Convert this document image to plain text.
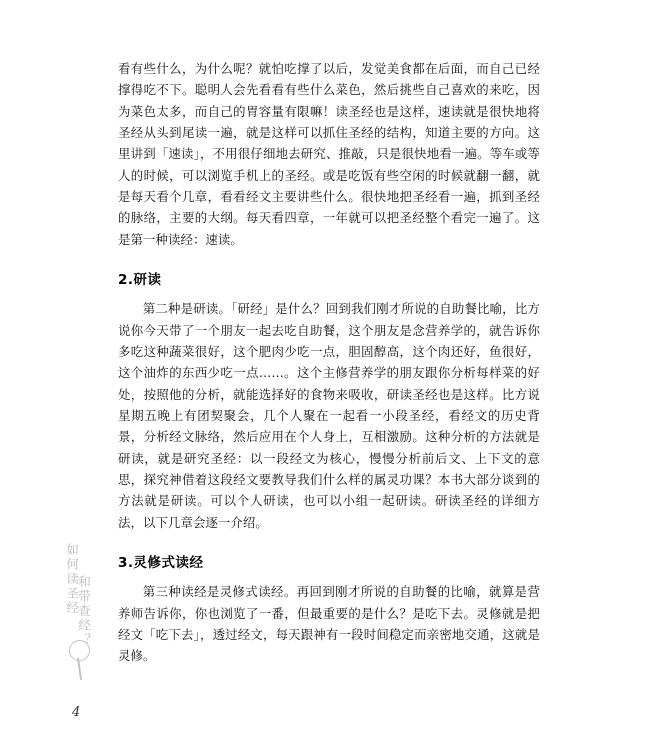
看有些什么，为什么呢？就怕吃撑了以后，发觉美食都在后面，而自己已经撑得吃不下。聪明人会先看看有些什么菜色，然后挑些自己喜欢的来吃，因为菜色太多，而自己的胃容量有限嘛！读圣经也是这样，速读就是很快地将圣经从头到尾读一遍，就是这样可以抓住圣经的结构，知道主要的方向。这里讲到「速读」，不用很仔细地去研究、推敲，只是很快地看一遍。等车或等人的时候，可以浏览手机上的圣经。或是吃饭有些空闲的时候就翻一翻，就是每天看个几章，看看经文主要讲些什么。很快地把圣经看一遍，抓到圣经的脉络，主要的大纲。每天看四章，一年就可以把圣经整个看完一遍了。这是第一种读经：速读。

2.研读

第二种是研读。「研经」是什么？回到我们刚才所说的自助餐比喻，比方说你今天带了一个朋友一起去吃自助餐，这个朋友是念营养学的，就告诉你多吃这种蔬菜很好，这个肥肉少吃一点，胆固醇高，这个肉还好，鱼很好，这个油炸的东西少吃一点……。这个主修营养学的朋友跟你分析每样菜的好处，按照他的分析，就能选择好的食物来吸收，研读圣经也是这样。比方说星期五晚上有团契聚会，几个人聚在一起看一小段圣经，看经文的历史背景，分析经文脉络，然后应用在个人身上，互相激励。这种分析的方法就是研读，就是研究圣经：以一段经文为核心，慢慢分析前后文、上下文的意思，探究神借着这段经文要教导我们什么样的属灵功课？本书大部分谈到的方法就是研读。可以个人研读，也可以小组一起研读。研读圣经的详细方法，以下几章会逐一介绍。

3.灵修式读经

第三种读经是灵修式读经。再回到刚才所说的自助餐的比喻，就算是营养师告诉你，你也浏览了一番，但最重要的是什么？是吃下去。灵修就是把经文「吃下去」，透过经文，每天跟神有一段时间稳定而亲密地交通，这就是灵修。

如何读圣经
和带查经？
4
